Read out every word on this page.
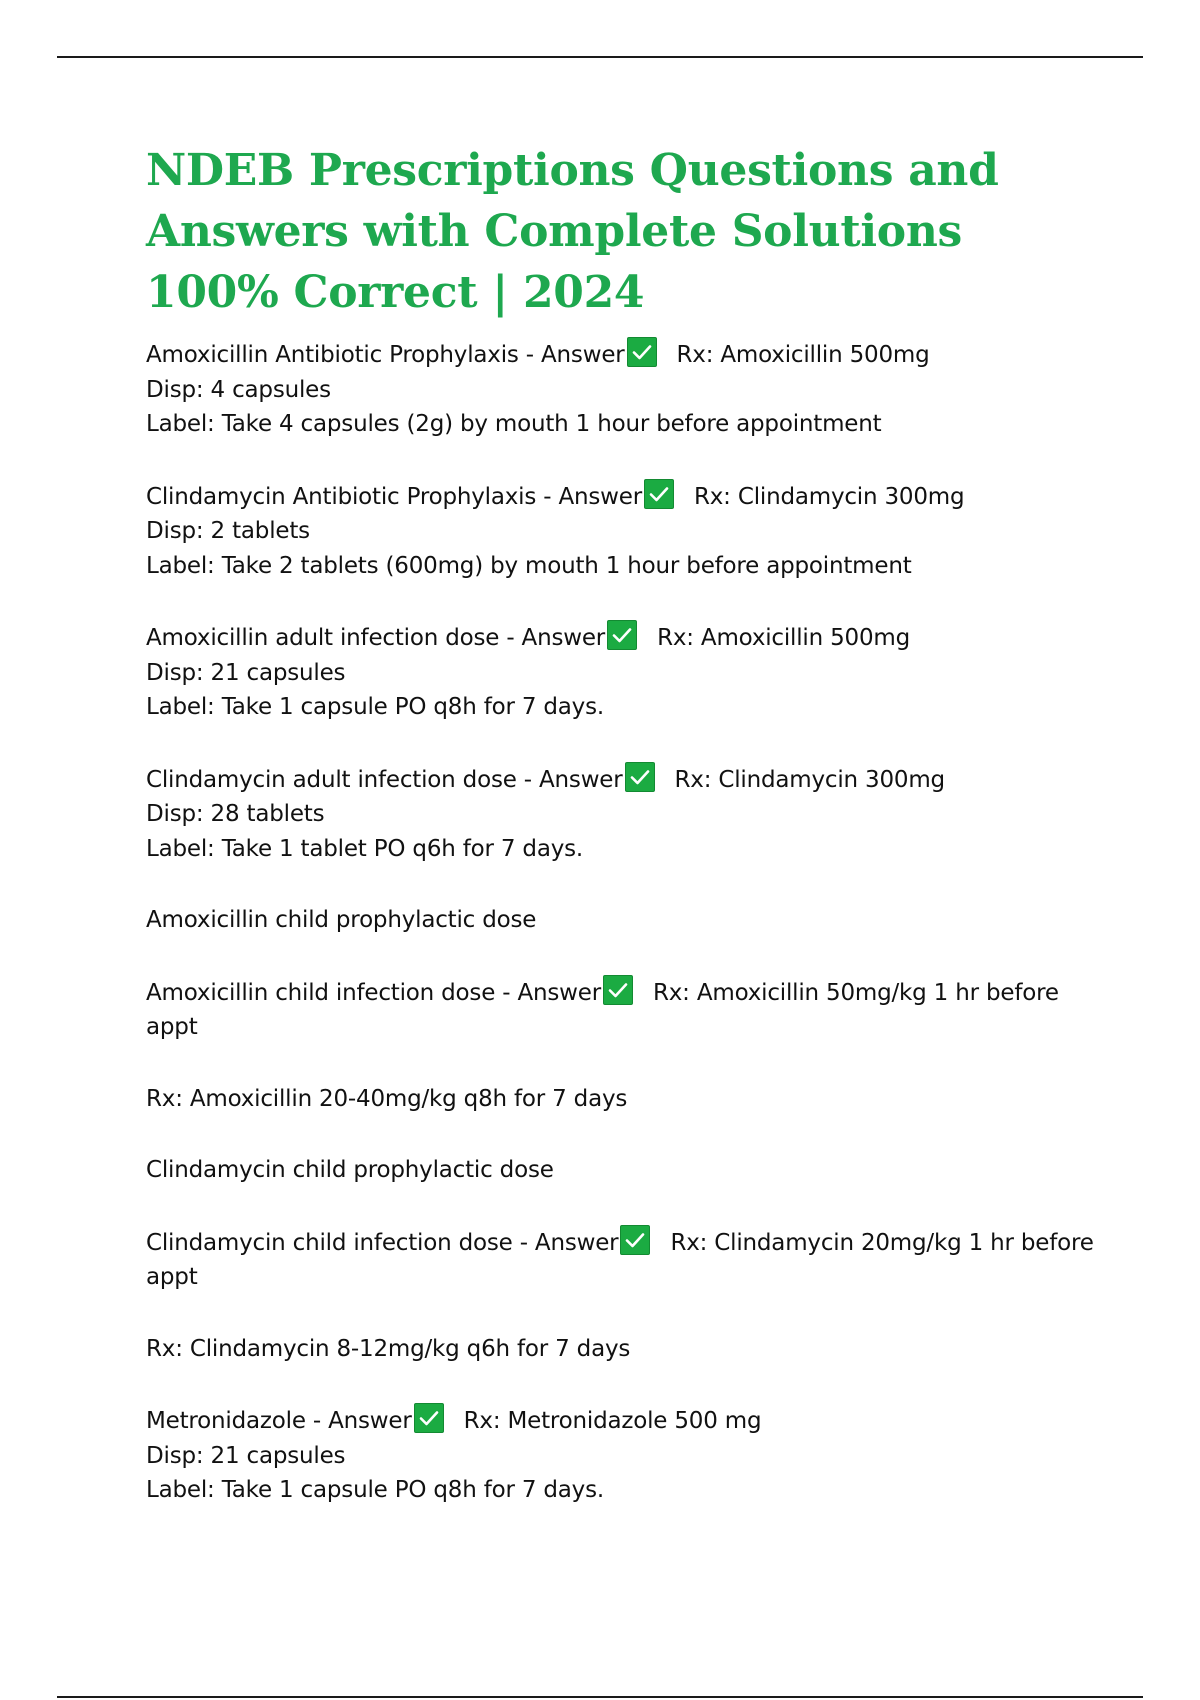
NDEB Prescriptions Questions and Answers with Complete Solutions 100% Correct | 2024
Amoxicillin Antibiotic Prophylaxis - Answer Rx: Amoxicillin 500mg
Disp: 4 capsules
Label: Take 4 capsules (2g) by mouth 1 hour before appointment
Clindamycin Antibiotic Prophylaxis - Answer Rx: Clindamycin 300mg
Disp: 2 tablets
Label: Take 2 tablets (600mg) by mouth 1 hour before appointment
Amoxicillin adult infection dose - Answer Rx: Amoxicillin 500mg
Disp: 21 capsules
Label: Take 1 capsule PO q8h for 7 days.
Clindamycin adult infection dose - Answer Rx: Clindamycin 300mg
Disp: 28 tablets
Label: Take 1 tablet PO q6h for 7 days.
Amoxicillin child prophylactic dose
Amoxicillin child infection dose - Answer Rx: Amoxicillin 50mg/kg 1 hr before appt
Rx: Amoxicillin 20-40mg/kg q8h for 7 days
Clindamycin child prophylactic dose
Clindamycin child infection dose - Answer Rx: Clindamycin 20mg/kg 1 hr before appt
Rx: Clindamycin 8-12mg/kg q6h for 7 days
Metronidazole - Answer Rx: Metronidazole 500 mg
Disp: 21 capsules
Label: Take 1 capsule PO q8h for 7 days.
